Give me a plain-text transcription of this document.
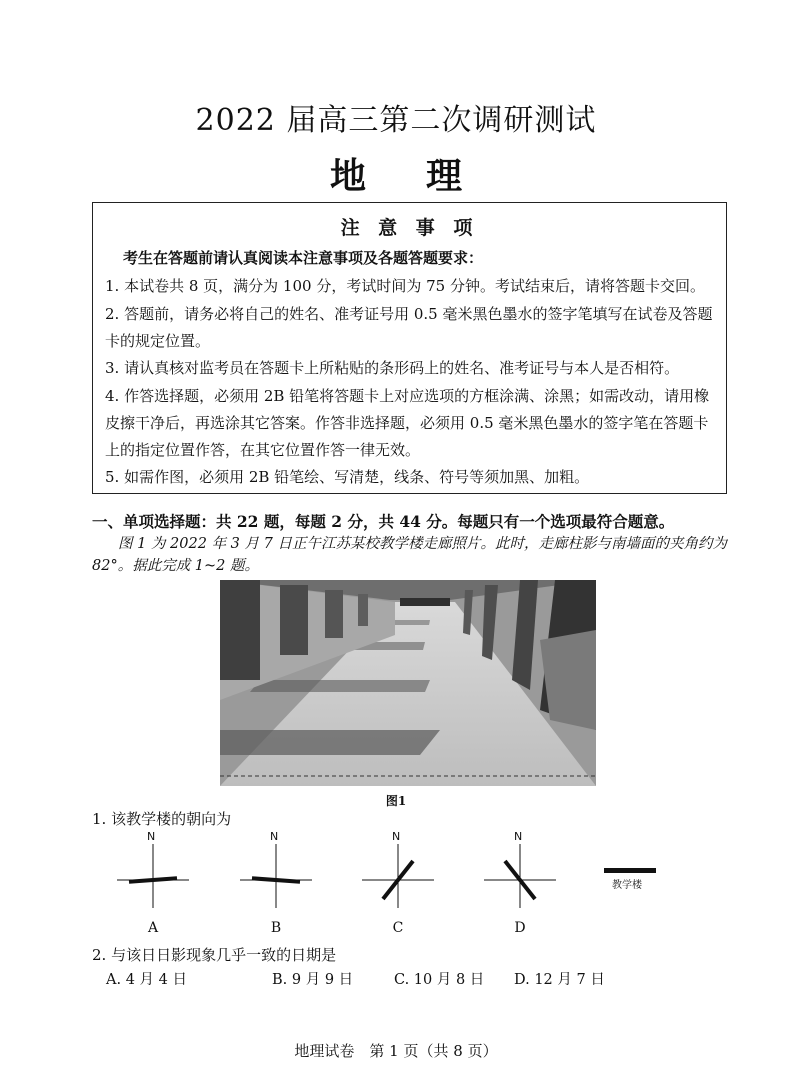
2022 届高三第二次调研测试
地理
注 意 事 项
考生在答题前请认真阅读本注意事项及各题答题要求：
1. 本试卷共 8 页，满分为 100 分，考试时间为 75 分钟。考试结束后，请将答题卡交回。
2. 答题前，请务必将自己的姓名、准考证号用 0.5 毫米黑色墨水的签字笔填写在试卷及答题卡的规定位置。
3. 请认真核对监考员在答题卡上所粘贴的条形码上的姓名、准考证号与本人是否相符。
4. 作答选择题，必须用 2B 铅笔将答题卡上对应选项的方框涂满、涂黑；如需改动，请用橡皮擦干净后，再选涂其它答案。作答非选择题，必须用 0.5 毫米黑色墨水的签字笔在答题卡上的指定位置作答，在其它位置作答一律无效。
5. 如需作图，必须用 2B 铅笔绘、写清楚，线条、符号等须加黑、加粗。
一、单项选择题：共 22 题，每题 2 分，共 44 分。每题只有一个选项最符合题意。
图 1 为 2022 年 3 月 7 日正午江苏某校教学楼走廊照片。此时，走廊柱影与南墙面的夹角约为 82°。据此完成 1~2 题。
图1
1. 该教学楼的朝向为
N
A
N
B
N
C
N
D
教学楼
2. 与该日日影现象几乎一致的日期是
A. 4 月 4 日	B. 9 月 9 日	C. 10 月 8 日 D. 12 月 7 日
地理试卷　第 1 页（共 8 页）
